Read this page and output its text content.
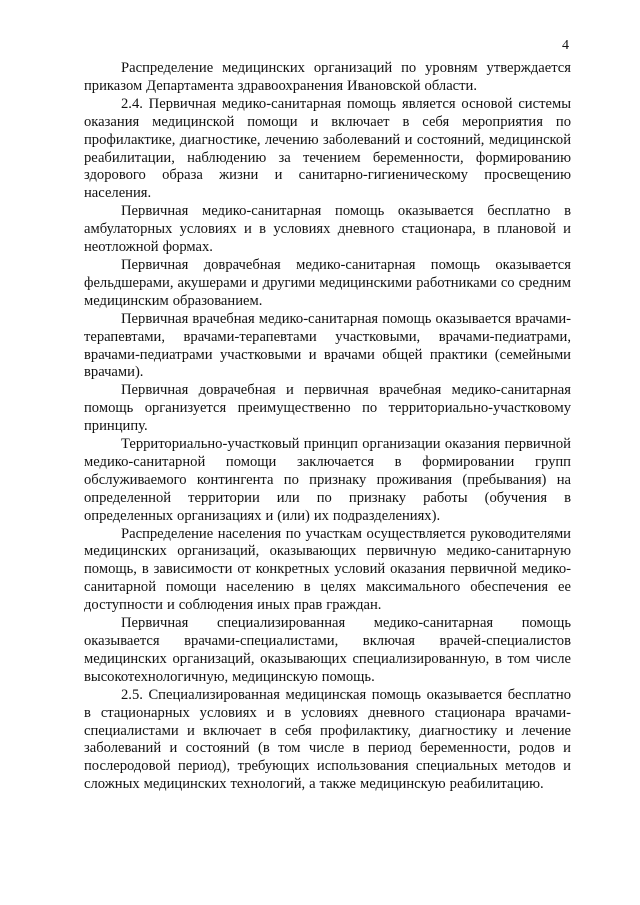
4

Распределение медицинских организаций по уровням утверждается приказом Департамента здравоохранения Ивановской области.

2.4. Первичная медико-санитарная помощь является основой системы оказания медицинской помощи и включает в себя мероприятия по профилактике, диагностике, лечению заболеваний и состояний, медицинской реабилитации, наблюдению за течением беременности, формированию здорового образа жизни и санитарно-гигиеническому просвещению населения.

Первичная медико-санитарная помощь оказывается бесплатно в амбулаторных условиях и в условиях дневного стационара, в плановой и неотложной формах.

Первичная доврачебная медико-санитарная помощь оказывается фельдшерами, акушерами и другими медицинскими работниками со средним медицинским образованием.

Первичная врачебная медико-санитарная помощь оказывается врачами-терапевтами, врачами-терапевтами участковыми, врачами-педиатрами, врачами-педиатрами участковыми и врачами общей практики (семейными врачами).

Первичная доврачебная и первичная врачебная медико-санитарная помощь организуется преимущественно по территориально-участковому принципу.

Территориально-участковый принцип организации оказания первичной медико-санитарной помощи заключается в формировании групп обслуживаемого контингента по признаку проживания (пребывания) на определенной территории или по признаку работы (обучения в определенных организациях и (или) их подразделениях).

Распределение населения по участкам осуществляется руководителями медицинских организаций, оказывающих первичную медико-санитарную помощь, в зависимости от конкретных условий оказания первичной медико-санитарной помощи населению в целях максимального обеспечения ее доступности и соблюдения иных прав граждан.

Первичная специализированная медико-санитарная помощь оказывается врачами-специалистами, включая врачей-специалистов медицинских организаций, оказывающих специализированную, в том числе высокотехнологичную, медицинскую помощь.

2.5. Специализированная медицинская помощь оказывается бесплатно в стационарных условиях и в условиях дневного стационара врачами-специалистами и включает в себя профилактику, диагностику и лечение заболеваний и состояний (в том числе в период беременности, родов и послеродовой период), требующих использования специальных методов и сложных медицинских технологий, а также медицинскую реабилитацию.
